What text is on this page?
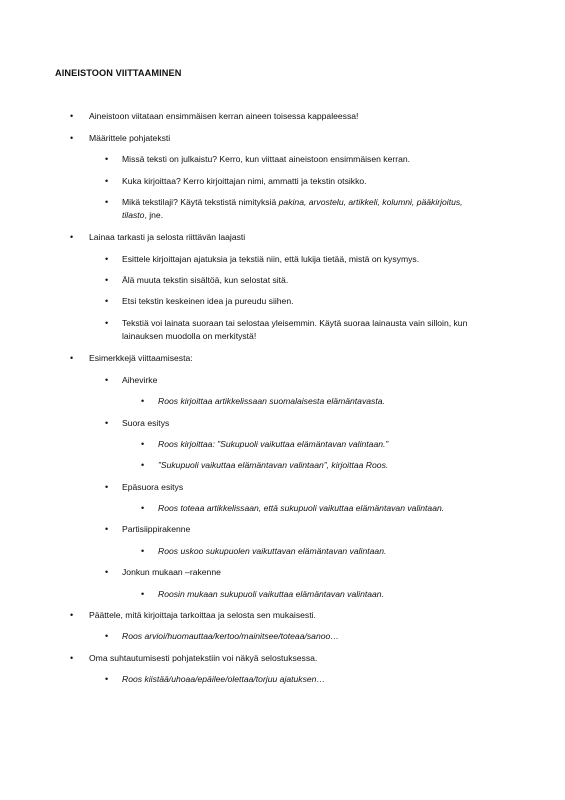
AINEISTOON VIITTAAMINEN
• Aineistoon viitataan ensimmäisen kerran aineen toisessa kappaleessa!
• Määrittele pohjateksti
• Missä teksti on julkaistu? Kerro, kun viittaat aineistoon ensimmäisen kerran.
• Kuka kirjoittaa? Kerro kirjoittajan nimi, ammatti ja tekstin otsikko.
• Mikä tekstilaji? Käytä tekstistä nimityksiä pakina, arvostelu, artikkeli, kolumni, pääkirjoitus,
tilasto, jne.
• Lainaa tarkasti ja selosta riittävän laajasti
• Esittele kirjoittajan ajatuksia ja tekstiä niin, että lukija tietää, mistä on kysymys.
• Älä muuta tekstin sisältöä, kun selostat sitä.
• Etsi tekstin keskeinen idea ja pureudu siihen.
• Tekstiä voi lainata suoraan tai selostaa yleisemmin. Käytä suoraa lainausta vain silloin, kun
lainauksen muodolla on merkitystä!
• Esimerkkejä viittaamisesta:
• Aihevirke
• Roos kirjoittaa artikkelissaan suomalaisesta elämäntavasta.
• Suora esitys
• Roos kirjoittaa: ”Sukupuoli vaikuttaa elämäntavan valintaan.”
• ”Sukupuoli vaikuttaa elämäntavan valintaan”, kirjoittaa Roos.
• Epäsuora esitys
• Roos toteaa artikkelissaan, että sukupuoli vaikuttaa elämäntavan valintaan.
• Partisiippirakenne
• Roos uskoo sukupuolen vaikuttavan elämäntavan valintaan.
• Jonkun mukaan –rakenne
• Roosin mukaan sukupuoli vaikuttaa elämäntavan valintaan.
• Päättele, mitä kirjoittaja tarkoittaa ja selosta sen mukaisesti.
• Roos arvioi/huomauttaa/kertoo/mainitsee/toteaa/sanoo…
• Oma suhtautumisesti pohjatekstiin voi näkyä selostuksessa.
• Roos kiistää/uhoaa/epäilee/olettaa/torjuu ajatuksen…
